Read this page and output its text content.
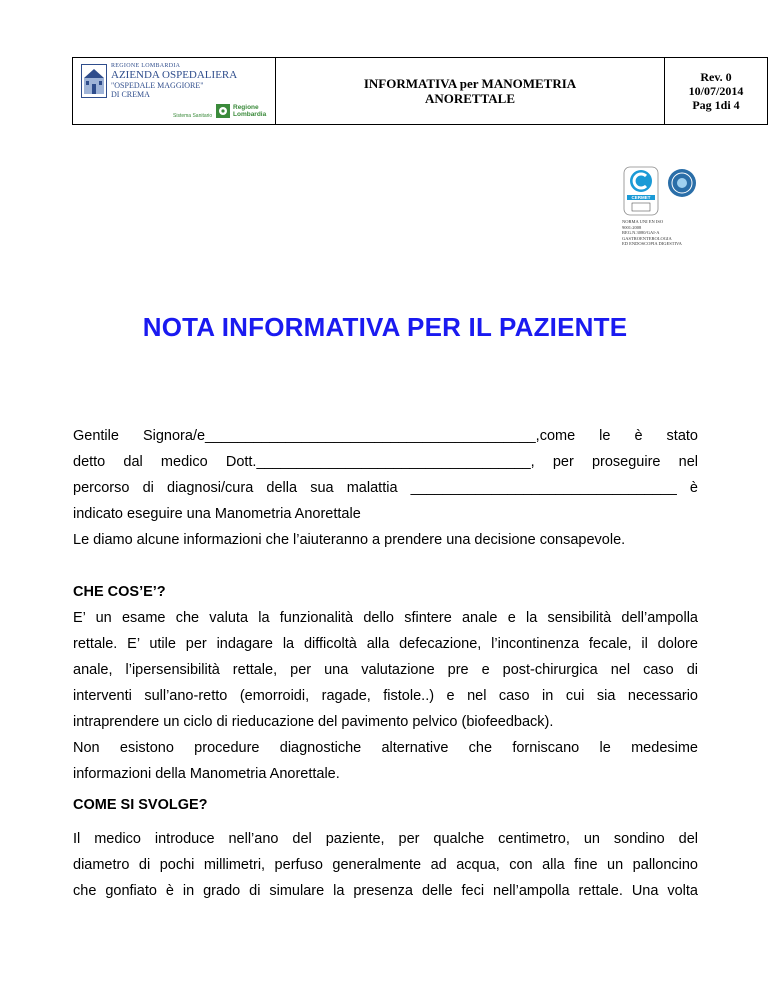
REGIONE LOMBARDIA
AZIENDA OSPEDALIERA
"OSPEDALE MAGGIORE"
DI CREMA
Sistema Sanitario
Regione
Lombardia
INFORMATIVA per MANOMETRIA
ANORETTALE
Rev. 0
10/07/2014
Pag 1di 4
CERMET
NORMA UNI EN ISO
9001:2008
REG.N.3080/GAI-A
GASTROENTEROLOGIA
ED ENDOSCOPIA DIGESTIVA
NOTA INFORMATIVA PER IL PAZIENTE

Gentile Signora/e_________________________________________,come le è stato

detto dal medico Dott.__________________________________, per proseguire nel

percorso di diagnosi/cura della sua malattia _________________________________ è

indicato eseguire una Manometria Anorettale

Le diamo alcune informazioni che l’aiuteranno a prendere una decisione consapevole.

CHE COS’E’?

E’ un esame che valuta la funzionalità dello sfintere anale e la sensibilità dell’ampolla

rettale. E’ utile per indagare la difficoltà alla defecazione, l’incontinenza fecale, il dolore

anale, l’ipersensibilità rettale, per una valutazione pre e post-chirurgica nel caso di

interventi sull’ano-retto (emorroidi, ragade, fistole..) e nel caso in cui sia necessario

intraprendere un ciclo di rieducazione del pavimento pelvico (biofeedback).

Non esistono procedure diagnostiche alternative che forniscano le medesime

informazioni della Manometria Anorettale.

COME SI SVOLGE?

Il medico introduce nell’ano del paziente, per qualche centimetro, un sondino del

diametro di pochi millimetri, perfuso generalmente ad acqua, con alla fine un palloncino

che gonfiato è in grado di simulare la presenza delle feci nell’ampolla rettale. Una volta
